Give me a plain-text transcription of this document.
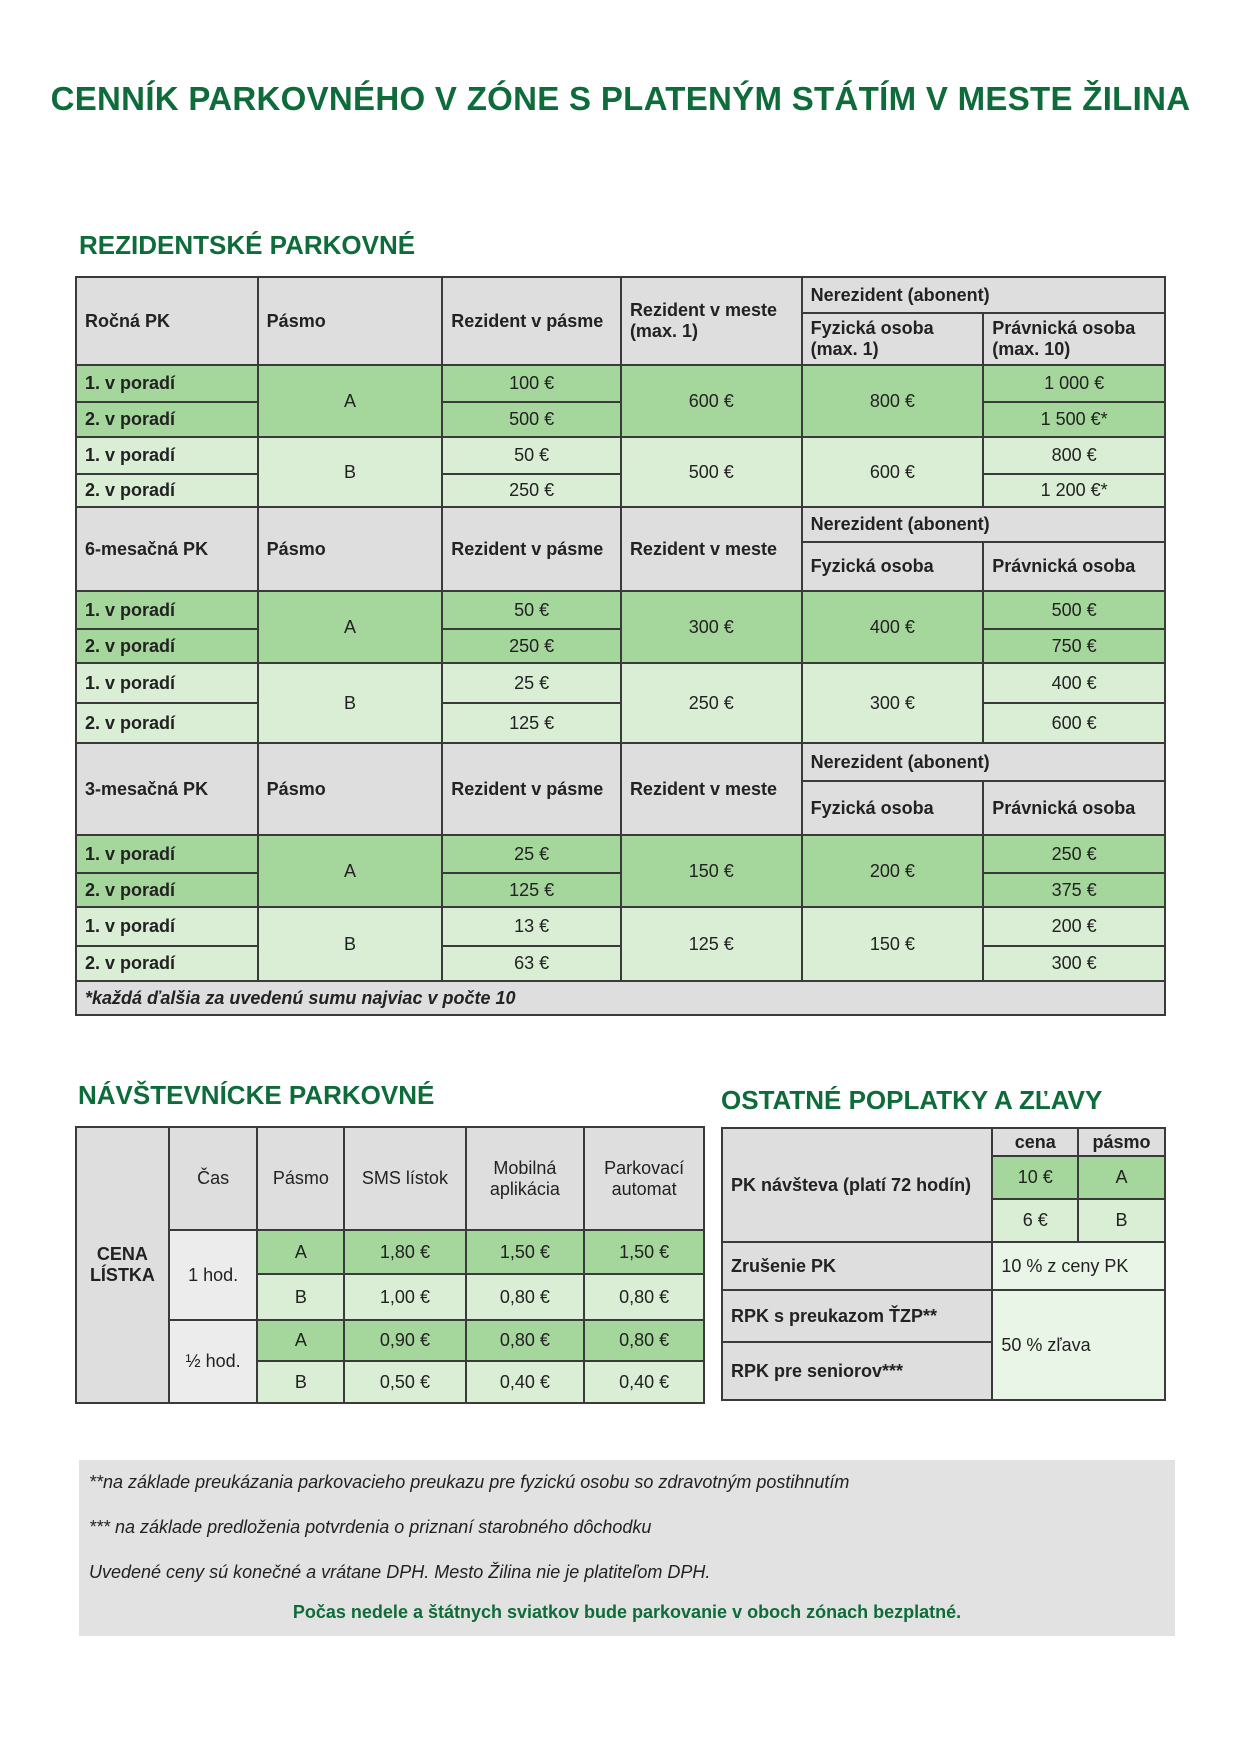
CENNÍK PARKOVNÉHO V ZÓNE S PLATENÝM STÁTÍM V MESTE ŽILINA
REZIDENTSKÉ PARKOVNÉ
Ročná PK	Pásmo	Rezident v pásme	Rezident v meste (max. 1)	Nerezident (abonent)	
				Fyzická osoba (max. 1)	Právnická osoba (max. 10)
1. v poradí	A	100 €	600 €	800 €	1 000 €
2. v poradí		500 €			1 500 €*
1. v poradí	B	50 €	500 €	600 €	800 €
2. v poradí		250 €			1 200 €*
6-mesačná PK	Pásmo	Rezident v pásme	Rezident v meste	Nerezident (abonent)	
				Fyzická osoba	Právnická osoba
1. v poradí	A	50 €	300 €	400 €	500 €
2. v poradí		250 €			750 €
1. v poradí	B	25 €	250 €	300 €	400 €
2. v poradí		125 €			600 €
3-mesačná PK	Pásmo	Rezident v pásme	Rezident v meste	Nerezident (abonent)	
				Fyzická osoba	Právnická osoba
1. v poradí	A	25 €	150 €	200 €	250 €
2. v poradí		125 €			375 €
1. v poradí	B	13 €	125 €	150 €	200 €
2. v poradí		63 €			300 €
*každá ďalšia za uvedenú sumu najviac v počte 10					
NÁVŠTEVNÍCKE PARKOVNÉ
CENA LÍSTKA	Čas	Pásmo	SMS lístok	Mobilná aplikácia	Parkovací automat
	1 hod.	A	1,80 €	1,50 €	1,50 €
		B	1,00 €	0,80 €	0,80 €
	½ hod.	A	0,90 €	0,80 €	0,80 €
		B	0,50 €	0,40 €	0,40 €
OSTATNÉ POPLATKY A ZĽAVY
PK návšteva (platí 72 hodín)	cena	pásmo
	10 €	A
	6 €	B
Zrušenie PK	10 % z ceny PK	
RPK s preukazom ŤZP**	50 % zľava	
RPK pre seniorov***		

**na základe preukázania parkovacieho preukazu pre fyzickú osobu so zdravotným postihnutím

*** na základe predloženia potvrdenia o priznaní starobného dôchodku

Uvedené ceny sú konečné a vrátane DPH. Mesto Žilina nie je platiteľom DPH.

Počas nedele a štátnych sviatkov bude parkovanie v oboch zónach bezplatné.
